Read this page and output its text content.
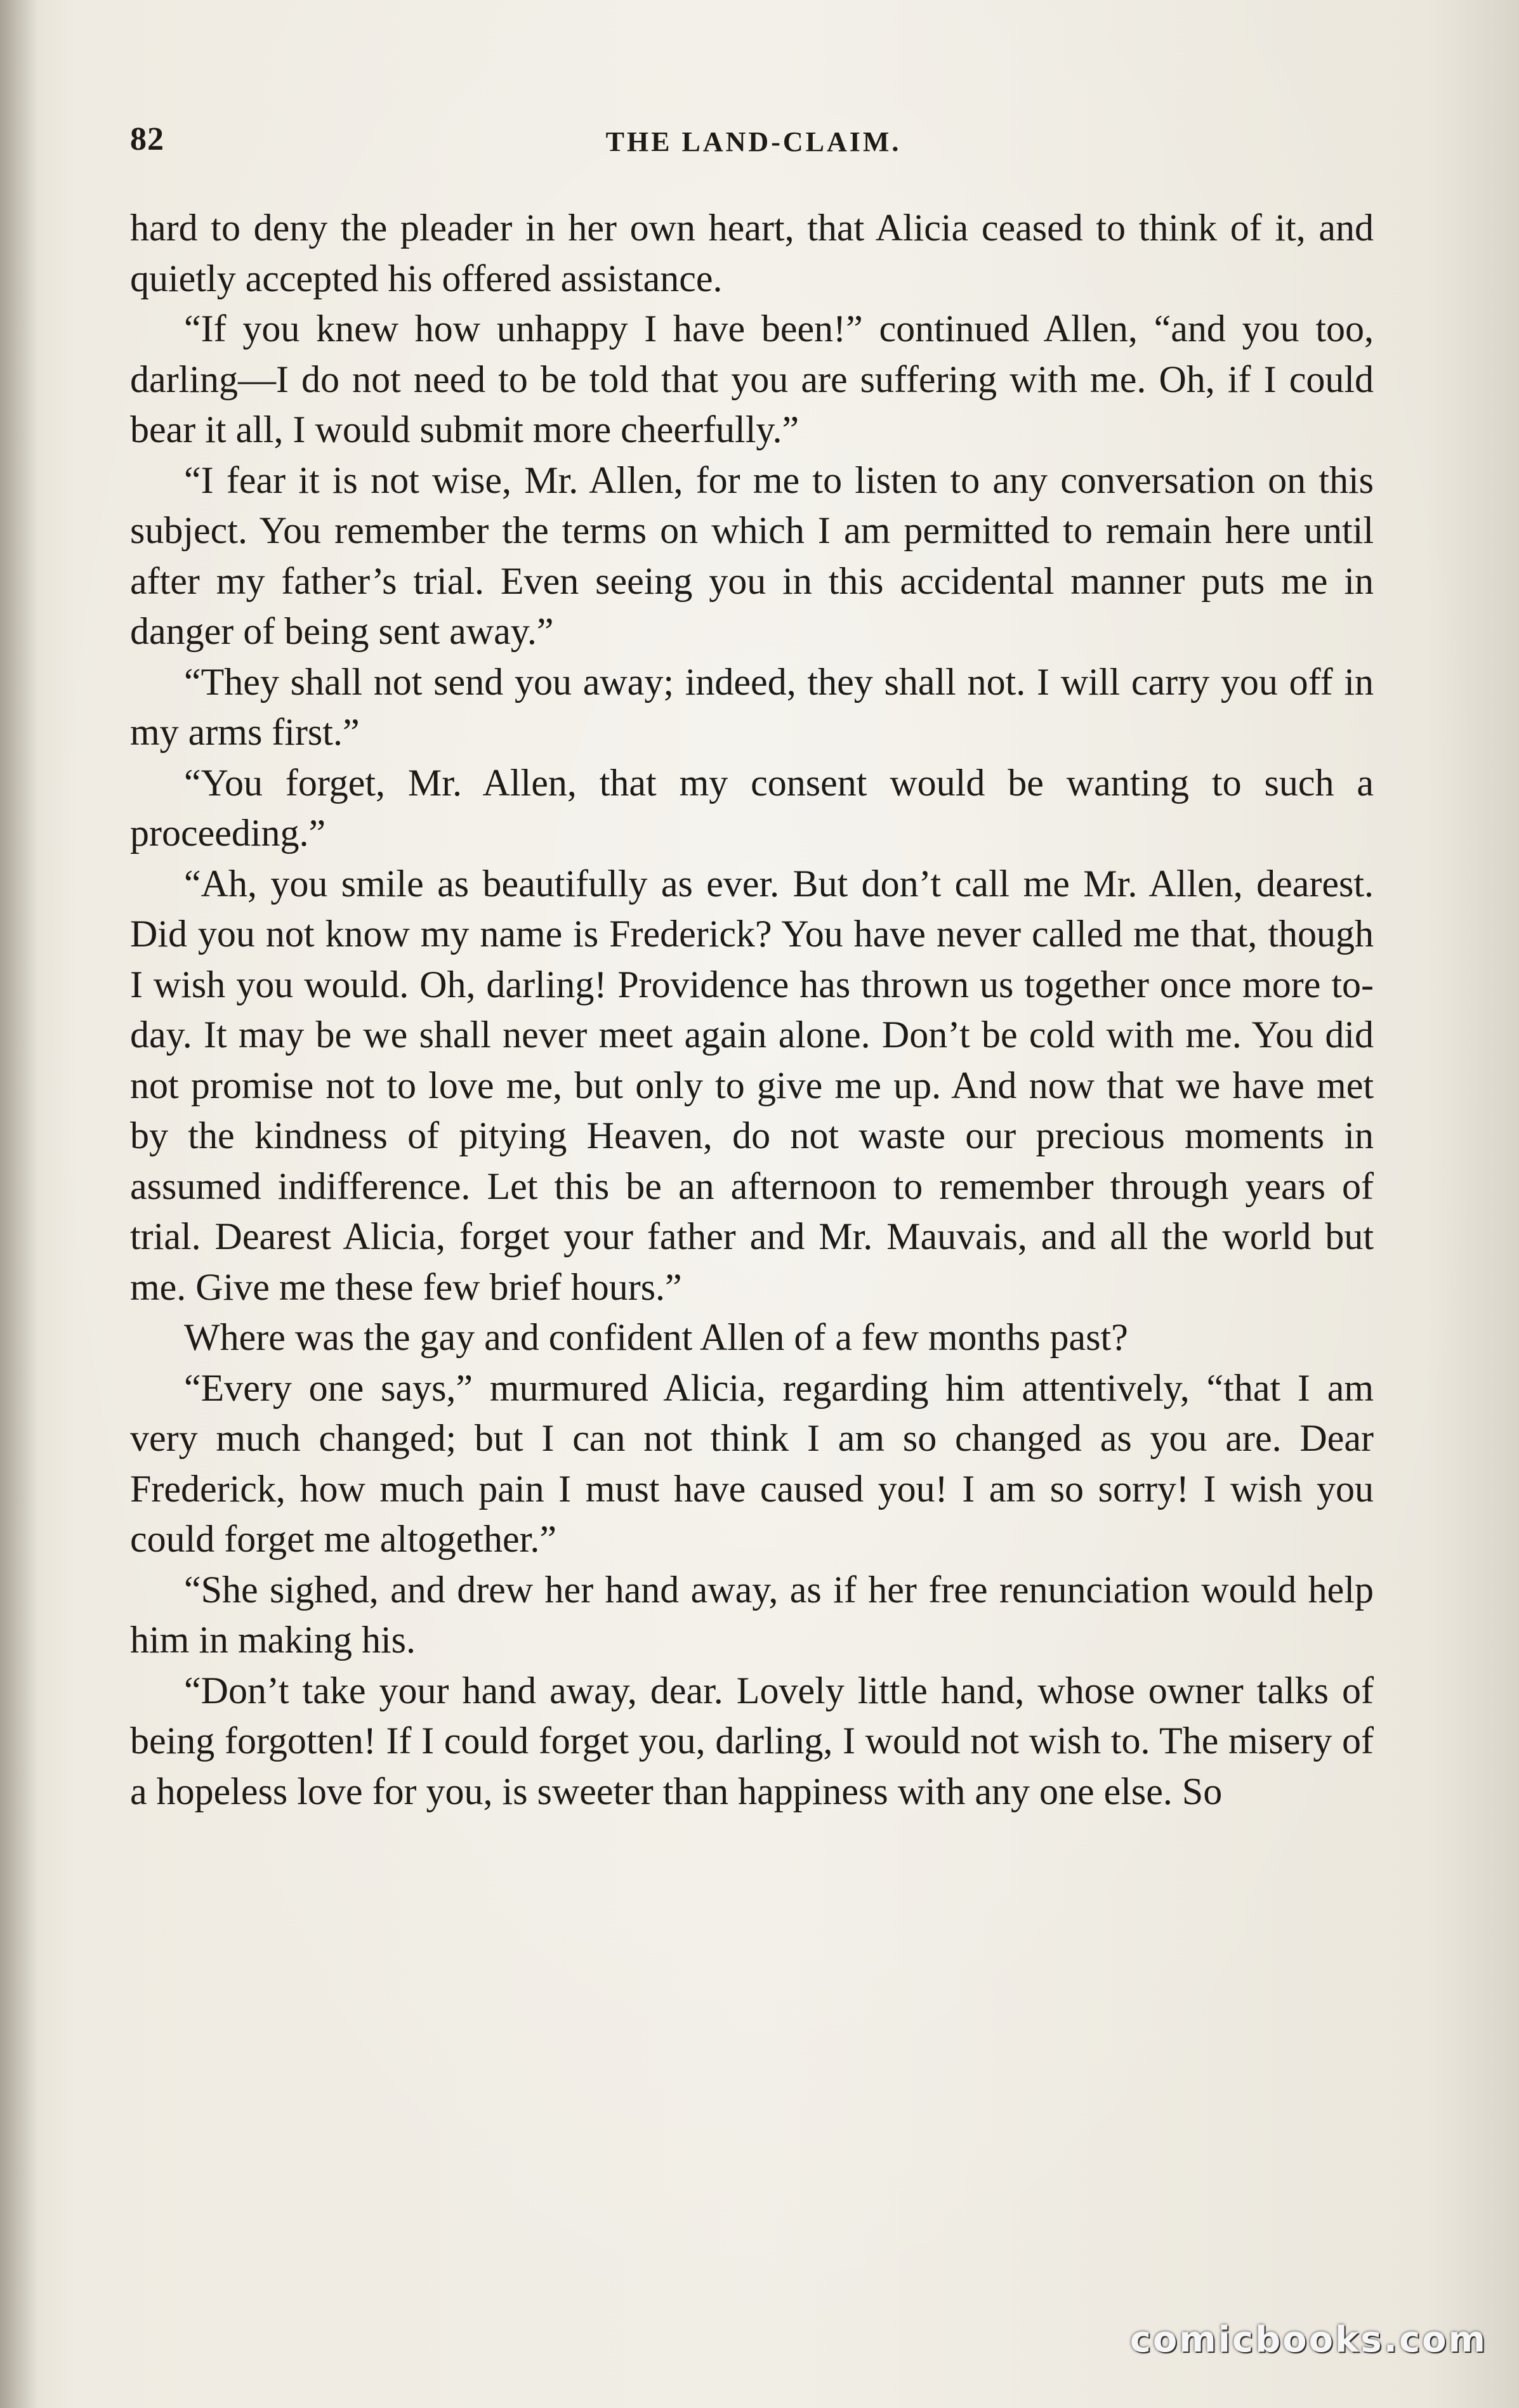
82	THE LAND-CLAIM.

hard to deny the pleader in her own heart, that Alicia ceased to think of it, and quietly accepted his offered assistance.

“If you knew how unhappy I have been!” continued Allen, “and you too, darling—I do not need to be told that you are suffering with me. Oh, if I could bear it all, I would submit more cheerfully.”

“I fear it is not wise, Mr. Allen, for me to listen to any conversation on this subject. You remember the terms on which I am permitted to remain here until after my father’s trial. Even seeing you in this accidental manner puts me in danger of being sent away.”

“They shall not send you away; indeed, they shall not. I will carry you off in my arms first.”

“You forget, Mr. Allen, that my consent would be wanting to such a proceeding.”

“Ah, you smile as beautifully as ever. But don’t call me Mr. Allen, dearest. Did you not know my name is Frederick? You have never called me that, though I wish you would. Oh, darling! Providence has thrown us together once more to-day. It may be we shall never meet again alone. Don’t be cold with me. You did not promise not to love me, but only to give me up. And now that we have met by the kindness of pitying Heaven, do not waste our precious moments in assumed indifference. Let this be an afternoon to remember through years of trial. Dearest Alicia, forget your father and Mr. Mauvais, and all the world but me. Give me these few brief hours.”

Where was the gay and confident Allen of a few months past?

“Every one says,” murmured Alicia, regarding him attentively, “that I am very much changed; but I can not think I am so changed as you are. Dear Frederick, how much pain I must have caused you! I am so sorry! I wish you could forget me altogether.”

“She sighed, and drew her hand away, as if her free renunciation would help him in making his.

“Don’t take your hand away, dear. Lovely little hand, whose owner talks of being forgotten! If I could forget you, darling, I would not wish to. The misery of a hopeless love for you, is sweeter than happiness with any one else. So

comicbooks.com
